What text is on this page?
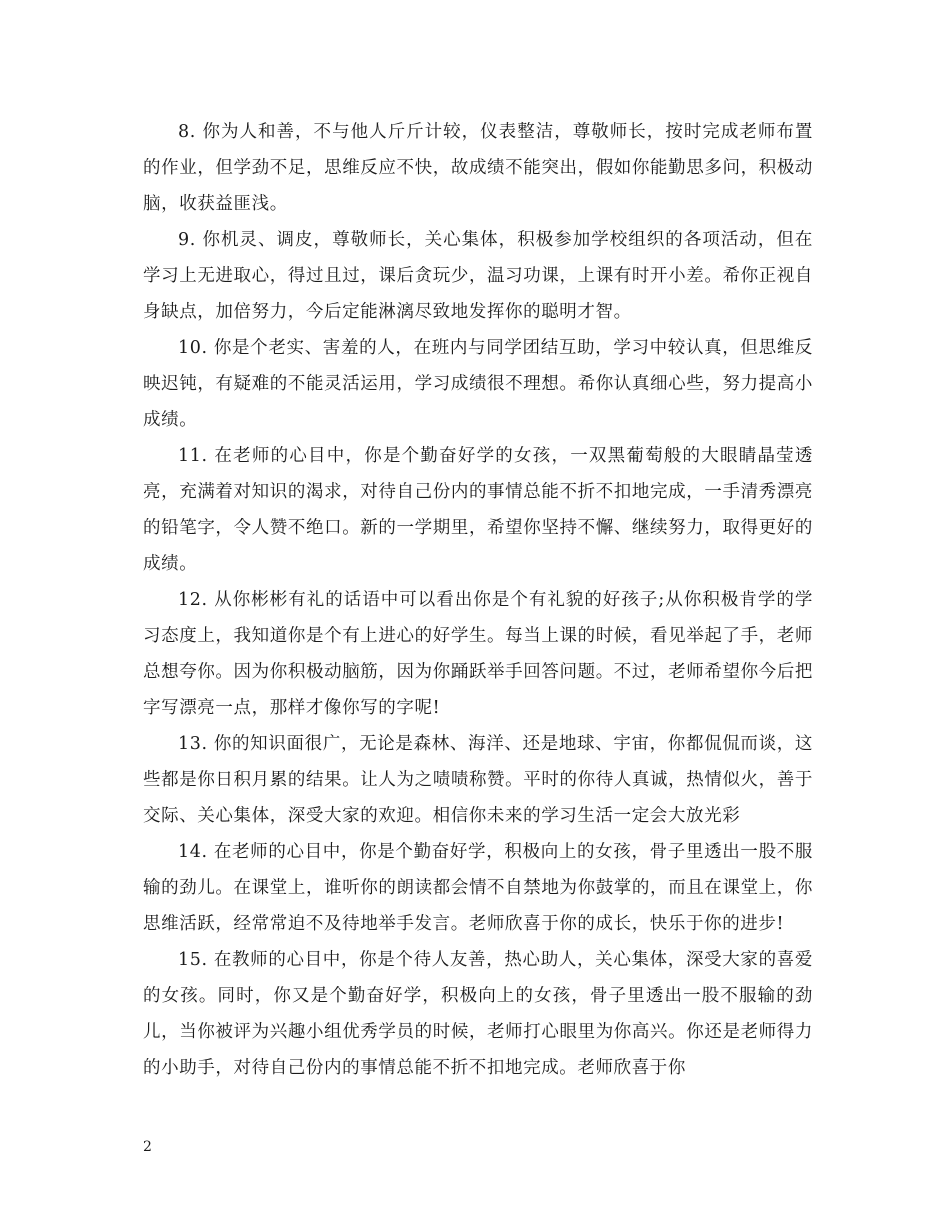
8. 你为人和善，不与他人斤斤计较，仪表整洁，尊敬师长，按时完成老师布置的作业，但学劲不足，思维反应不快，故成绩不能突出，假如你能勤思多问，积极动脑，收获益匪浅。

9. 你机灵、调皮，尊敬师长，关心集体，积极参加学校组织的各项活动，但在学习上无进取心，得过且过，课后贪玩少，温习功课，上课有时开小差。希你正视自身缺点，加倍努力，今后定能淋漓尽致地发挥你的聪明才智。

10. 你是个老实、害羞的人，在班内与同学团结互助，学习中较认真，但思维反映迟钝，有疑难的不能灵活运用，学习成绩很不理想。希你认真细心些，努力提高小成绩。

11. 在老师的心目中，你是个勤奋好学的女孩，一双黑葡萄般的大眼睛晶莹透亮，充满着对知识的渴求，对待自己份内的事情总能不折不扣地完成，一手清秀漂亮的铅笔字，令人赞不绝口。新的一学期里，希望你坚持不懈、继续努力，取得更好的成绩。

12. 从你彬彬有礼的话语中可以看出你是个有礼貌的好孩子;从你积极肯学的学习态度上，我知道你是个有上进心的好学生。每当上课的时候，看见举起了手，老师总想夸你。因为你积极动脑筋，因为你踊跃举手回答问题。不过，老师希望你今后把字写漂亮一点，那样才像你写的字呢!

13. 你的知识面很广，无论是森林、海洋、还是地球、宇宙，你都侃侃而谈，这些都是你日积月累的结果。让人为之啧啧称赞。平时的你待人真诚，热情似火，善于交际、关心集体，深受大家的欢迎。相信你未来的学习生活一定会大放光彩

14. 在老师的心目中，你是个勤奋好学，积极向上的女孩，骨子里透出一股不服输的劲儿。在课堂上，谁听你的朗读都会情不自禁地为你鼓掌的，而且在课堂上，你思维活跃，经常常迫不及待地举手发言。老师欣喜于你的成长，快乐于你的进步!

15. 在教师的心目中，你是个待人友善，热心助人，关心集体，深受大家的喜爱的女孩。同时，你又是个勤奋好学，积极向上的女孩，骨子里透出一股不服输的劲儿，当你被评为兴趣小组优秀学员的时候，老师打心眼里为你高兴。你还是老师得力的小助手，对待自己份内的事情总能不折不扣地完成。老师欣喜于你

2
